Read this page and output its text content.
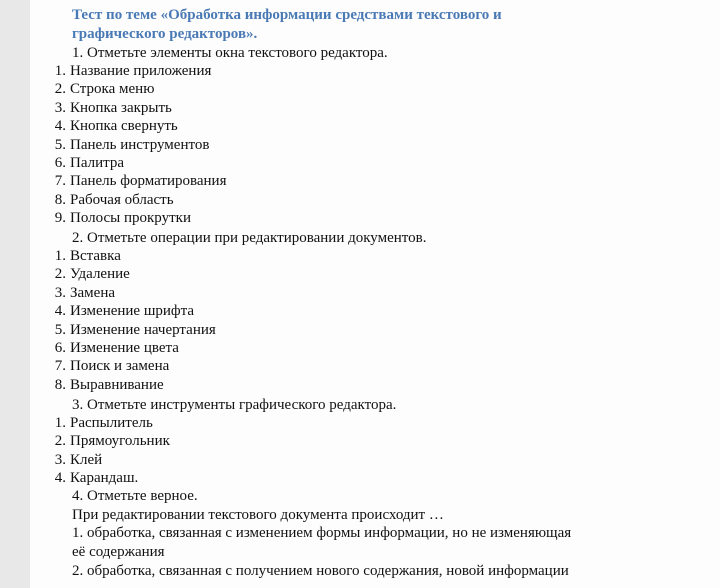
Тест по теме «Обработка информации средствами текстового и графического редакторов».
1. Отметьте элементы окна текстового редактора.
1. Название приложения
2. Строка меню
3. Кнопка закрыть
4. Кнопка свернуть
5. Панель инструментов
6. Палитра
7. Панель форматирования
8. Рабочая область
9. Полосы прокрутки
2. Отметьте операции при редактировании документов.
1. Вставка
2. Удаление
3. Замена
4. Изменение шрифта
5. Изменение начертания
6. Изменение цвета
7. Поиск и замена
8. Выравнивание
3. Отметьте инструменты графического редактора.
1. Распылитель
2. Прямоугольник
3. Клей
4. Карандаш.
4. Отметьте верное.
При редактировании текстового документа происходит …
1. обработка, связанная с изменением формы информации, но не изменяющая
её содержания
2. обработка, связанная с получением нового содержания, новой информации
